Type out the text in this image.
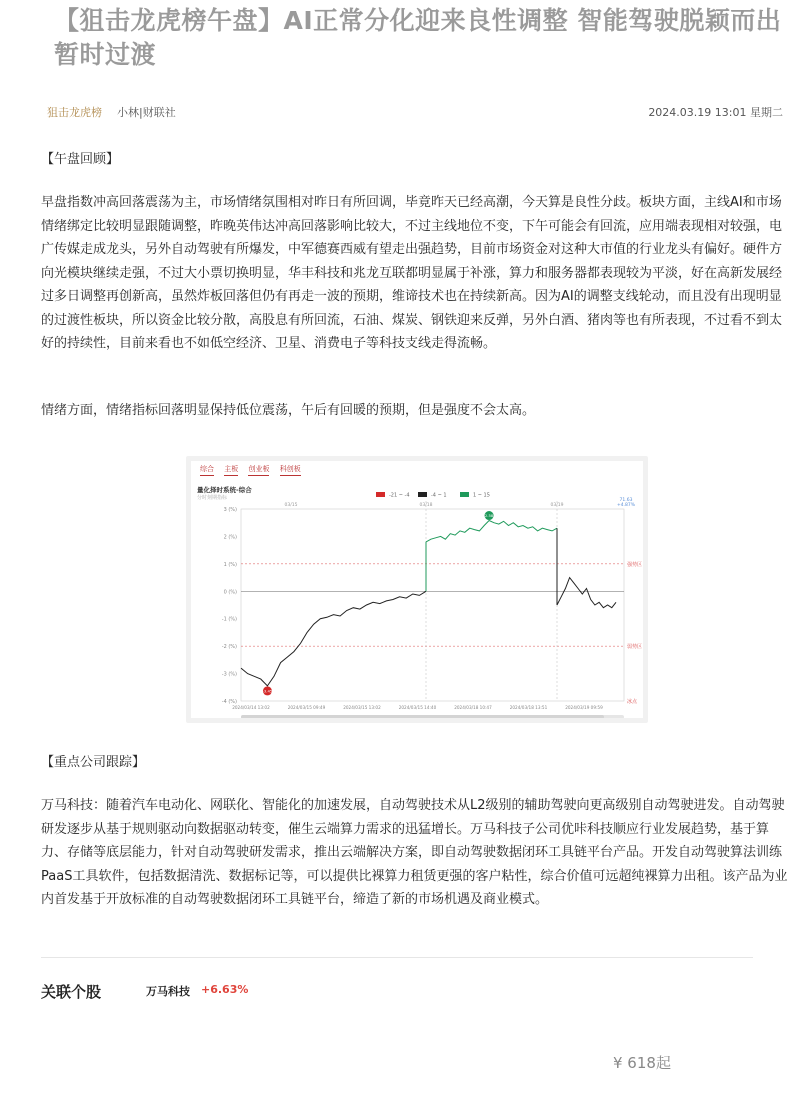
【狙击龙虎榜午盘】AI正常分化迎来良性调整 智能驾驶脱颖而出暂时过渡
狙击龙虎榜 小林|财联社	2024.03.19 13:01 星期二
【午盘回顾】
早盘指数冲高回落震荡为主，市场情绪氛围相对昨日有所回调，毕竟昨天已经高潮，今天算是良性分歧。板块方面，主线AI和市场情绪绑定比较明显跟随调整，昨晚英伟达冲高回落影响比较大，不过主线地位不变，下午可能会有回流，应用端表现相对较强，电广传媒走成龙头，另外自动驾驶有所爆发，中军德赛西威有望走出强趋势，目前市场资金对这种大市值的行业龙头有偏好。硬件方向光模块继续走强，不过大小票切换明显，华丰科技和兆龙互联都明显属于补涨，算力和服务器都表现较为平淡，好在高新发展经过多日调整再创新高，虽然炸板回落但仍有再走一波的预期，维谛技术也在持续新高。因为AI的调整支线轮动，而且没有出现明显的过渡性板块，所以资金比较分散，高股息有所回流，石油、煤炭、钢铁迎来反弹，另外白酒、猪肉等也有所表现，不过看不到太好的持续性，目前来看也不如低空经济、卫星、消费电子等科技支线走得流畅。
情绪方面，情绪指标回落明显保持低位震荡，午后有回暖的预期，但是强度不会太高。
综合 主板 创业板 科创板
量化择时系统-综合
分时刻期指标
3 (%)
2 (%)
1 (%)
0 (%)
-1 (%)
-2 (%)
-3 (%)
-4 (%)
强势区
弱势区
冰点
03/15	03/18	03/19
2.58
-3.45
-21 ~ -4	-4 ~ 1	1 ~ 15
71.63
+4.87%
2024/03/14 13:02	2024/03/15 09:49	2024/03/15 13:02	2024/03/15 14:40	2024/03/18 10:47	2024/03/18 13:51	2024/03/19 09:59
【重点公司跟踪】
万马科技：随着汽车电动化、网联化、智能化的加速发展，自动驾驶技术从L2级别的辅助驾驶向更高级别自动驾驶进发。自动驾驶研发逐步从基于规则驱动向数据驱动转变，催生云端算力需求的迅猛增长。万马科技子公司优咔科技顺应行业发展趋势，基于算力、存储等底层能力，针对自动驾驶研发需求，推出云端解决方案，即自动驾驶数据闭环工具链平台产品。开发自动驾驶算法训练PaaS工具软件，包括数据清洗、数据标记等，可以提供比裸算力租赁更强的客户粘性，综合价值可远超纯裸算力出租。该产品为业内首发基于开放标准的自动驾驶数据闭环工具链平台，缔造了新的市场机遇及商业模式。
关联个股	万马科技 +6.63%
¥ 618起
